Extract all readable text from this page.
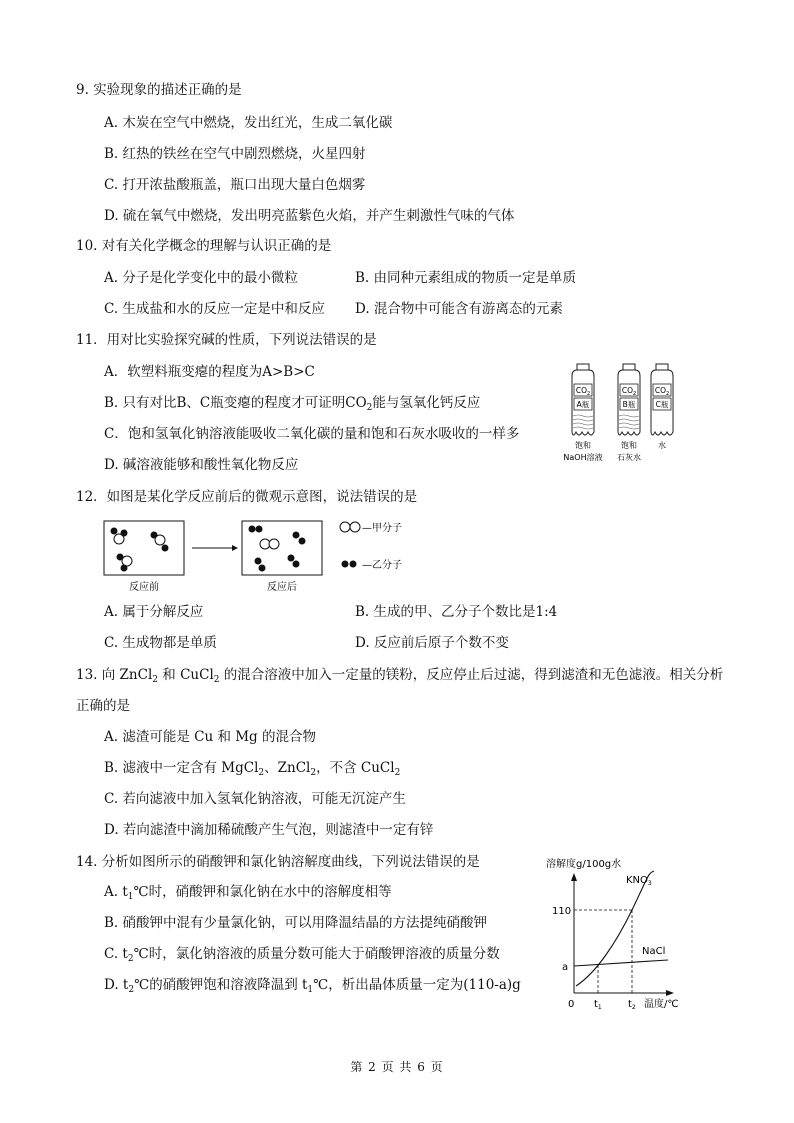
9. 实验现象的描述正确的是
A. 木炭在空气中燃烧，发出红光，生成二氧化碳
B. 红热的铁丝在空气中剧烈燃烧，火星四射
C. 打开浓盐酸瓶盖，瓶口出现大量白色烟雾
D. 硫在氧气中燃烧，发出明亮蓝紫色火焰，并产生刺激性气味的气体
10. 对有关化学概念的理解与认识正确的是
A. 分子是化学变化中的最小微粒	B. 由同种元素组成的物质一定是单质
C. 生成盐和水的反应一定是中和反应 D. 混合物中可能含有游离态的元素
11．用对比实验探究碱的性质，下列说法错误的是
A．软塑料瓶变瘪的程度为A>B>C
B. 只有对比B、C瓶变瘪的程度才可证明$CO_2$能与氢氧化钙反应
C．饱和氢氧化钠溶液能吸收二氧化碳的量和饱和石灰水吸收的一样多
D. 碱溶液能够和酸性氧化物反应
$CO_2$
A瓶
$CO_2$
B瓶
$CO_2$
C瓶
饱和
NaOH溶液
饱和
石灰水
水
12．如图是某化学反应前后的微观示意图，说法错误的是
反应前	反应后
—甲分子
—乙分子
A. 属于分解反应	B. 生成的甲、乙分子个数比是1:4
C. 生成物都是单质	D. 反应前后原子个数不变
13. 向 ZnCl$_2$ 和 CuCl$_2$ 的混合溶液中加入一定量的镁粉，反应停止后过滤，得到滤渣和无色滤液。相关分析
正确的是
A. 滤渣可能是 Cu 和 Mg 的混合物
B. 滤液中一定含有 MgCl$_2$、ZnCl$_2$，不含 CuCl$_2$
C. 若向滤液中加入氢氧化钠溶液，可能无沉淀产生
D. 若向滤渣中滴加稀硫酸产生气泡，则滤渣中一定有锌
14. 分析如图所示的硝酸钾和氯化钠溶解度曲线，下列说法错误的是
A. $t_1℃$时，硝酸钾和氯化钠在水中的溶解度相等
B. 硝酸钾中混有少量氯化钠，可以用降温结晶的方法提纯硝酸钾
C. $t_2℃$时，氯化钠溶液的质量分数可能大于硝酸钾溶液的质量分数
D. $t_2℃$的硝酸钾饱和溶液降温到 $t_1℃$，析出晶体质量一定为(110-a)g
溶解度g/100g水
$KNO_3$
NaCl
110
a
0 $t_1$	$t_2$ 温度/℃
第 2 页 共 6 页
